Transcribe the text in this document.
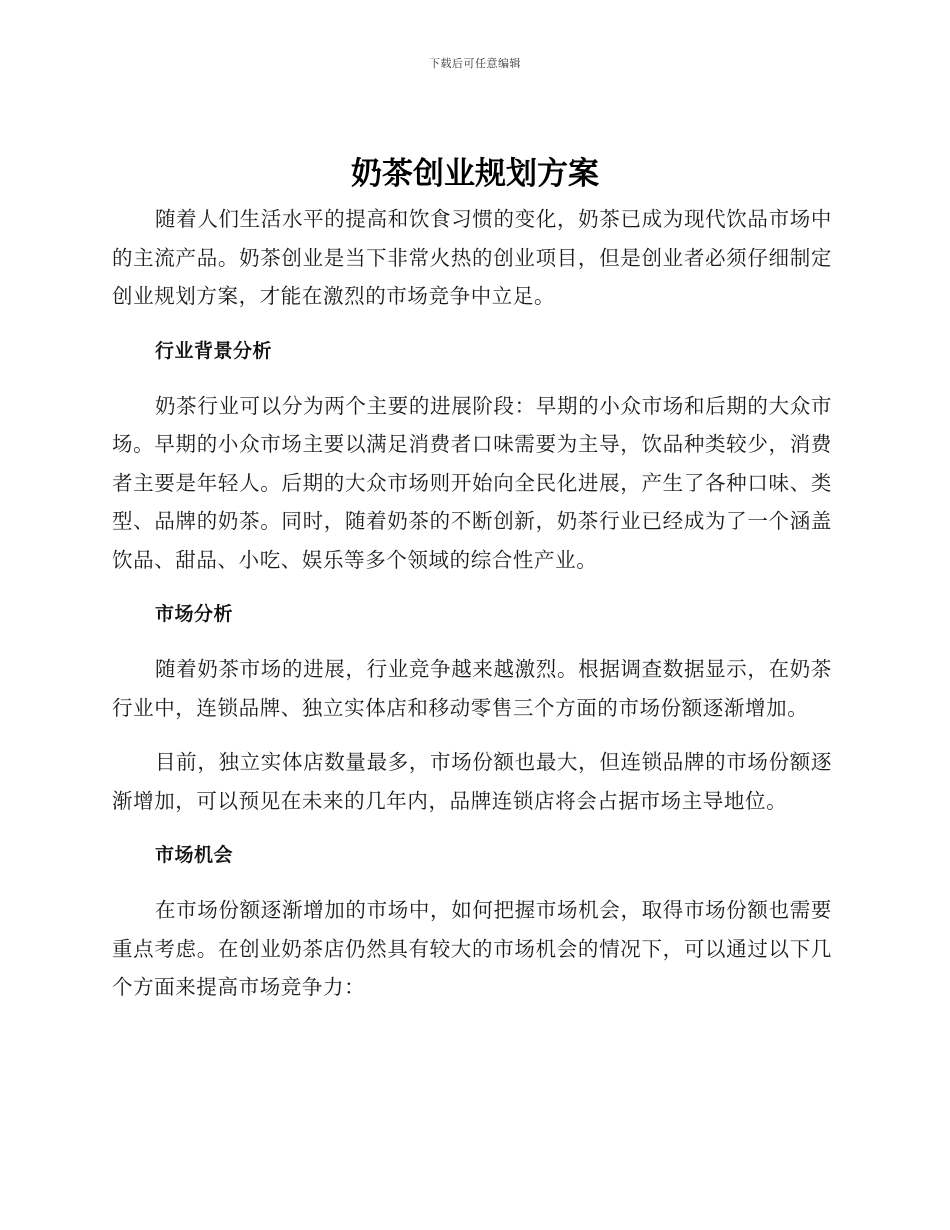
下载后可任意编辑
奶茶创业规划方案

随着人们生活水平的提高和饮食习惯的变化，奶茶已成为现代饮品市场中的主流产品。奶茶创业是当下非常火热的创业项目，但是创业者必须仔细制定创业规划方案，才能在激烈的市场竞争中立足。

行业背景分析

奶茶行业可以分为两个主要的进展阶段：早期的小众市场和后期的大众市场。早期的小众市场主要以满足消费者口味需要为主导，饮品种类较少，消费者主要是年轻人。后期的大众市场则开始向全民化进展，产生了各种口味、类型、品牌的奶茶。同时，随着奶茶的不断创新，奶茶行业已经成为了一个涵盖饮品、甜品、小吃、娱乐等多个领域的综合性产业。

市场分析

随着奶茶市场的进展，行业竞争越来越激烈。根据调查数据显示，在奶茶行业中，连锁品牌、独立实体店和移动零售三个方面的市场份额逐渐增加。

目前，独立实体店数量最多，市场份额也最大，但连锁品牌的市场份额逐渐增加，可以预见在未来的几年内，品牌连锁店将会占据市场主导地位。

市场机会

在市场份额逐渐增加的市场中，如何把握市场机会，取得市场份额也需要重点考虑。在创业奶茶店仍然具有较大的市场机会的情况下，可以通过以下几个方面来提高市场竞争力：
